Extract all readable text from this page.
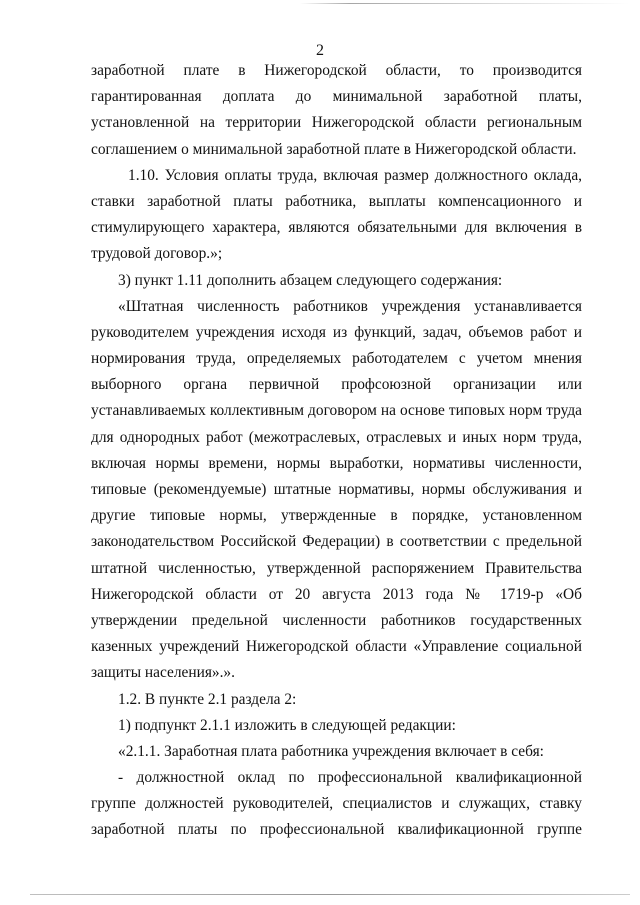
2
заработной плате в Нижегородской области, то производится
гарантированная доплата до минимальной заработной платы,
установленной на территории Нижегородской области региональным
соглашением о минимальной заработной плате в Нижегородской области.
1.10. Условия оплаты труда, включая размер должностного оклада,
ставки заработной платы работника, выплаты компенсационного и
стимулирующего характера, являются обязательными для включения в
трудовой договор.»;
3) пункт 1.11 дополнить абзацем следующего содержания:
«Штатная численность работников учреждения устанавливается
руководителем учреждения исходя из функций, задач, объемов работ и
нормирования труда, определяемых работодателем с учетом мнения
выборного органа первичной профсоюзной организации или
устанавливаемых коллективным договором на основе типовых норм труда
для однородных работ (межотраслевых, отраслевых и иных норм труда,
включая нормы времени, нормы выработки, нормативы численности,
типовые (рекомендуемые) штатные нормативы, нормы обслуживания и
другие типовые нормы, утвержденные в порядке, установленном
законодательством Российской Федерации) в соответствии с предельной
штатной численностью, утвержденной распоряжением Правительства
Нижегородской области от 20 августа 2013 года № 1719-р «Об
утверждении предельной численности работников государственных
казенных учреждений Нижегородской области «Управление социальной
защиты населения».».
1.2. В пункте 2.1 раздела 2:
1) подпункт 2.1.1 изложить в следующей редакции:
«2.1.1. Заработная плата работника учреждения включает в себя:
- должностной оклад по профессиональной квалификационной
группе должностей руководителей, специалистов и служащих, ставку
заработной платы по профессиональной квалификационной группе
